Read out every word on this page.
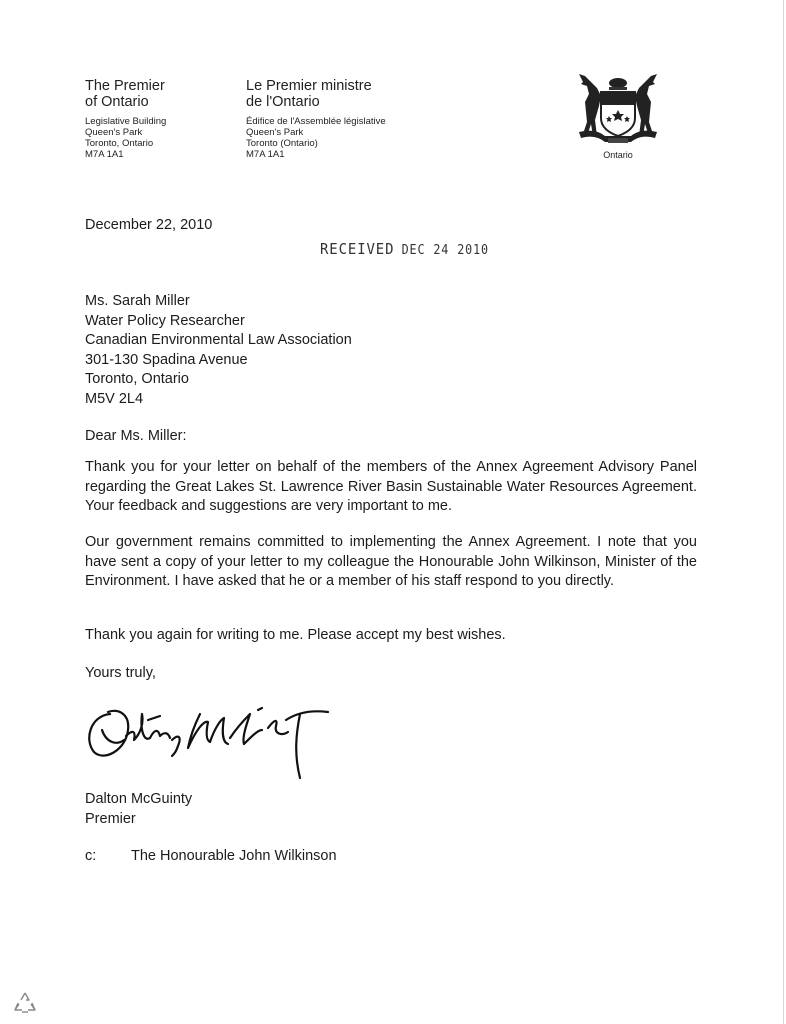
The Premier
of Ontario
Legislative Building
Queen's Park
Toronto, Ontario
M7A 1A1
Le Premier ministre
de l'Ontario
Édifice de l'Assemblée législative
Queen's Park
Toronto (Ontario)
M7A 1A1	Ontario
December 22, 2010
RECEIVED DEC 24 2010
Ms. Sarah Miller
Water Policy Researcher
Canadian Environmental Law Association
301-130 Spadina Avenue
Toronto, Ontario
M5V 2L4
Dear Ms. Miller:
Thank you for your letter on behalf of the members of the Annex Agreement Advisory Panel regarding the Great Lakes St. Lawrence River Basin Sustainable Water Resources Agreement. Your feedback and suggestions are very important to me.
Our government remains committed to implementing the Annex Agreement. I note that you have sent a copy of your letter to my colleague the Honourable John Wilkinson, Minister of the Environment. I have asked that he or a member of his staff respond to you directly.
Thank you again for writing to me. Please accept my best wishes.
Yours truly,
Dalton McGuinty
Premier
c: The Honourable John Wilkinson
